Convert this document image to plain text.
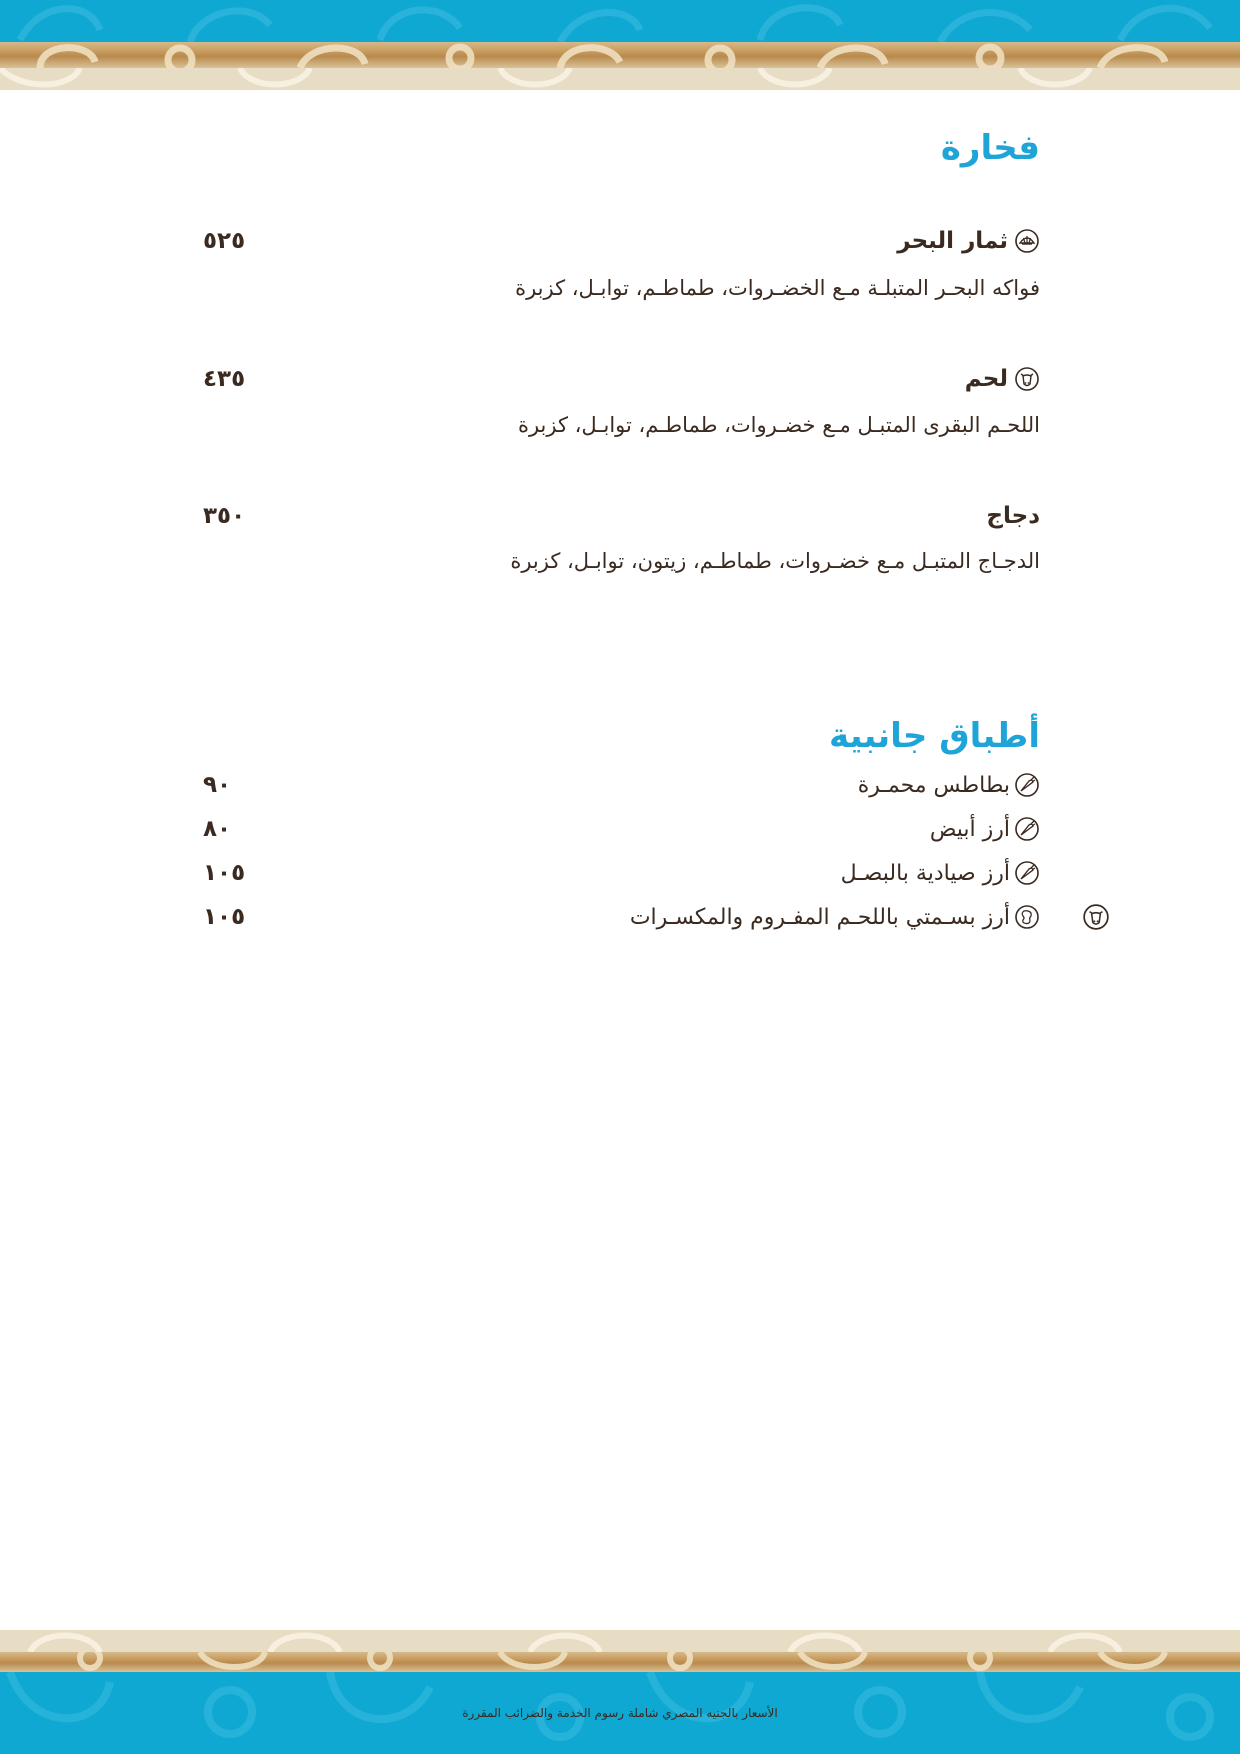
فخارة
ثمار البحر
٥٢٥
فواكه البحـر المتبلـة مـع الخضـروات، طماطـم، توابـل، كزبرة
لحم
٤٣٥
اللحـم البقرى المتبـل مـع خضـروات، طماطـم، توابـل، كزبرة
دجاج
٣٥٠
الدجـاج المتبـل مـع خضـروات، طماطـم، زيتون، توابـل، كزبرة
أطباق جانبية
بطاطس محمـرة
٩٠
أرز أبيض
٨٠
أرز صيادية بالبصـل
١٠٥
أرز بسـمتي باللحـم المفـروم والمكسـرات
١٠٥
الأسعار بالجنيه المصري شاملة رسوم الخدمة والضرائب المقررة
